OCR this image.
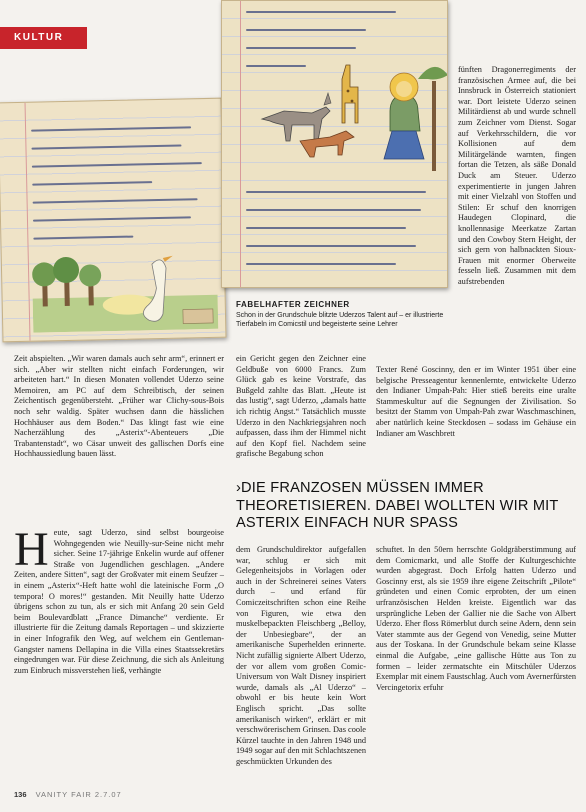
KULTUR
FABELHAFTER ZEICHNER
Schon in der Grundschule blitzte Uderzos Talent auf – er illustrierte Tierfabeln im Comicstil und begeisterte seine Lehrer

fünften Dragonerregiments der französischen Armee auf, die bei Innsbruck in Österreich stationiert war. Dort leistete Uderzo seinen Militärdienst ab und wurde schnell zum Zeichner vom Dienst. Sogar auf Verkehrsschildern, die vor Kollisionen auf dem Militärgelände warnten, fingen fortan die Tetzen, als säße Donald Duck am Steuer. Uderzo experimentierte in jungen Jahren mit einer Vielzahl von Stoffen und Stilen: Er schuf den knorrigen Haudegen Clopinard, die knollennasige Meerkatze Zartan und den Cowboy Stern Height, der sich gern von halbnackten Sioux-Frauen mit enormer Oberweite fesseln ließ. Zusammen mit dem aufstrebenden

Zeit abspielten. „Wir waren damals auch sehr arm“, erinnert er sich. „Aber wir stellten nicht einfach Forderungen, wir arbeiteten hart.“ In diesen Monaten vollendet Uderzo seine Memoiren, am PC auf dem Schreibtisch, der seinen Zeichentisch gegenübersteht. „Früher war Clichy-sous-Bois noch sehr waldig. Später wuchsen dann die hässlichen Hochhäuser aus dem Boden.“ Das klingt fast wie eine Nacherzählung des „Asterix“-Abenteuers „Die Trabantenstadt“, wo Cäsar unweit des gallischen Dorfs eine Hochhaussiedlung bauen lässt.

ein Gericht gegen den Zeichner eine Geldbuße von 6000 Francs. Zum Glück gab es keine Vorstrafe, das Bußgeld zahlte das Blatt. „Heute ist das lustig“, sagt Uderzo, „damals hatte ich richtig Angst.“ Tatsächlich musste Uderzo in den Nachkriegsjahren noch aufpassen, dass ihm der Himmel nicht auf den Kopf fiel. Nachdem seine grafische Begabung schon

Texter René Goscinny, den er im Winter 1951 über eine belgische Presseagentur kennenlernte, entwickelte Uderzo den Indianer Umpah-Pah: Hier stieß bereits eine uralte Stammeskultur auf die Segnungen der Zivilisation. So besitzt der Stamm von Umpah-Pah zwar Waschmaschinen, aber natürlich keine Steckdosen – sodass im Gehäuse ein Indianer am Waschbrett

›DIE FRANZOSEN MÜSSEN IMMER THEORETISIEREN. DABEI WOLLTEN WIR MIT ASTERIX EINFACH NUR SPASS

Heute, sagt Uderzo, sind selbst bourgeoise Wohngegenden wie Neuilly-sur-Seine nicht mehr sicher. Seine 17-jährige Enkelin wurde auf offener Straße von Jugendlichen geschlagen. „Andere Zeiten, andere Sitten“, sagt der Großvater mit einem Seufzer – in einem „Asterix“-Heft hatte wohl die lateinische Form „O tempora! O mores!“ gestanden. Mit Neuilly hatte Uderzo übrigens schon zu tun, als er sich mit Anfang 20 sein Geld beim Boulevardblatt „France Dimanche“ verdiente. Er illustrierte für die Zeitung damals Reportagen – und skizzierte in einer Infografik den Weg, auf welchem ein Gentleman-Gangster namens Dellapina in die Villa eines Staatssekretärs eingedrungen war. Für diese Zeichnung, die sich als Anleitung zum Einbruch missverstehen ließ, verhängte

dem Grundschuldirektor aufgefallen war, schlug er sich mit Gelegenheitsjobs in Vorlagen oder auch in der Schreinerei seines Vaters durch – und erfand für Comiczeitschriften schon eine Reihe von Figuren, wie etwa den muskelbepackten Fleischberg „Belloy, der Unbesiegbare“, der an amerikanische Superhelden erinnerte. Nicht zufällig signierte Albert Uderzo, der vor allem vom großen Comic-Universum von Walt Disney inspiriert wurde, damals als „Al Uderzo“ – obwohl er bis heute kein Wort Englisch spricht. „Das sollte amerikanisch wirken“, erklärt er mit verschwörerischem Grinsen. Das coole Kürzel tauchte in den Jahren 1948 und 1949 sogar auf den mit Schlachtszenen geschmückten Urkunden des

schuftet. In den 50ern herrschte Goldgräberstimmung auf dem Comicmarkt, und alle Stoffe der Kulturgeschichte wurden abgegrast. Doch Erfolg hatten Uderzo und Goscinny erst, als sie 1959 ihre eigene Zeitschrift „Pilote“ gründeten und einen Comic erprobten, der um einen urfranzösischen Helden kreiste. Eigentlich war das ursprüngliche Leben der Gallier nie die Sache von Albert Uderzo. Eher floss Römerblut durch seine Adern, denn sein Vater stammte aus der Gegend von Venedig, seine Mutter aus der Toskana. In der Grundschule bekam seine Klasse einmal die Aufgabe, „eine gallische Hütte aus Ton zu formen – leider zermatschte ein Mitschüler Uderzos Exemplar mit einem Faustschlag. Auch vom Avernerfürsten Vercingetorix erfuhr

136 VANITY FAIR 2.7.07
